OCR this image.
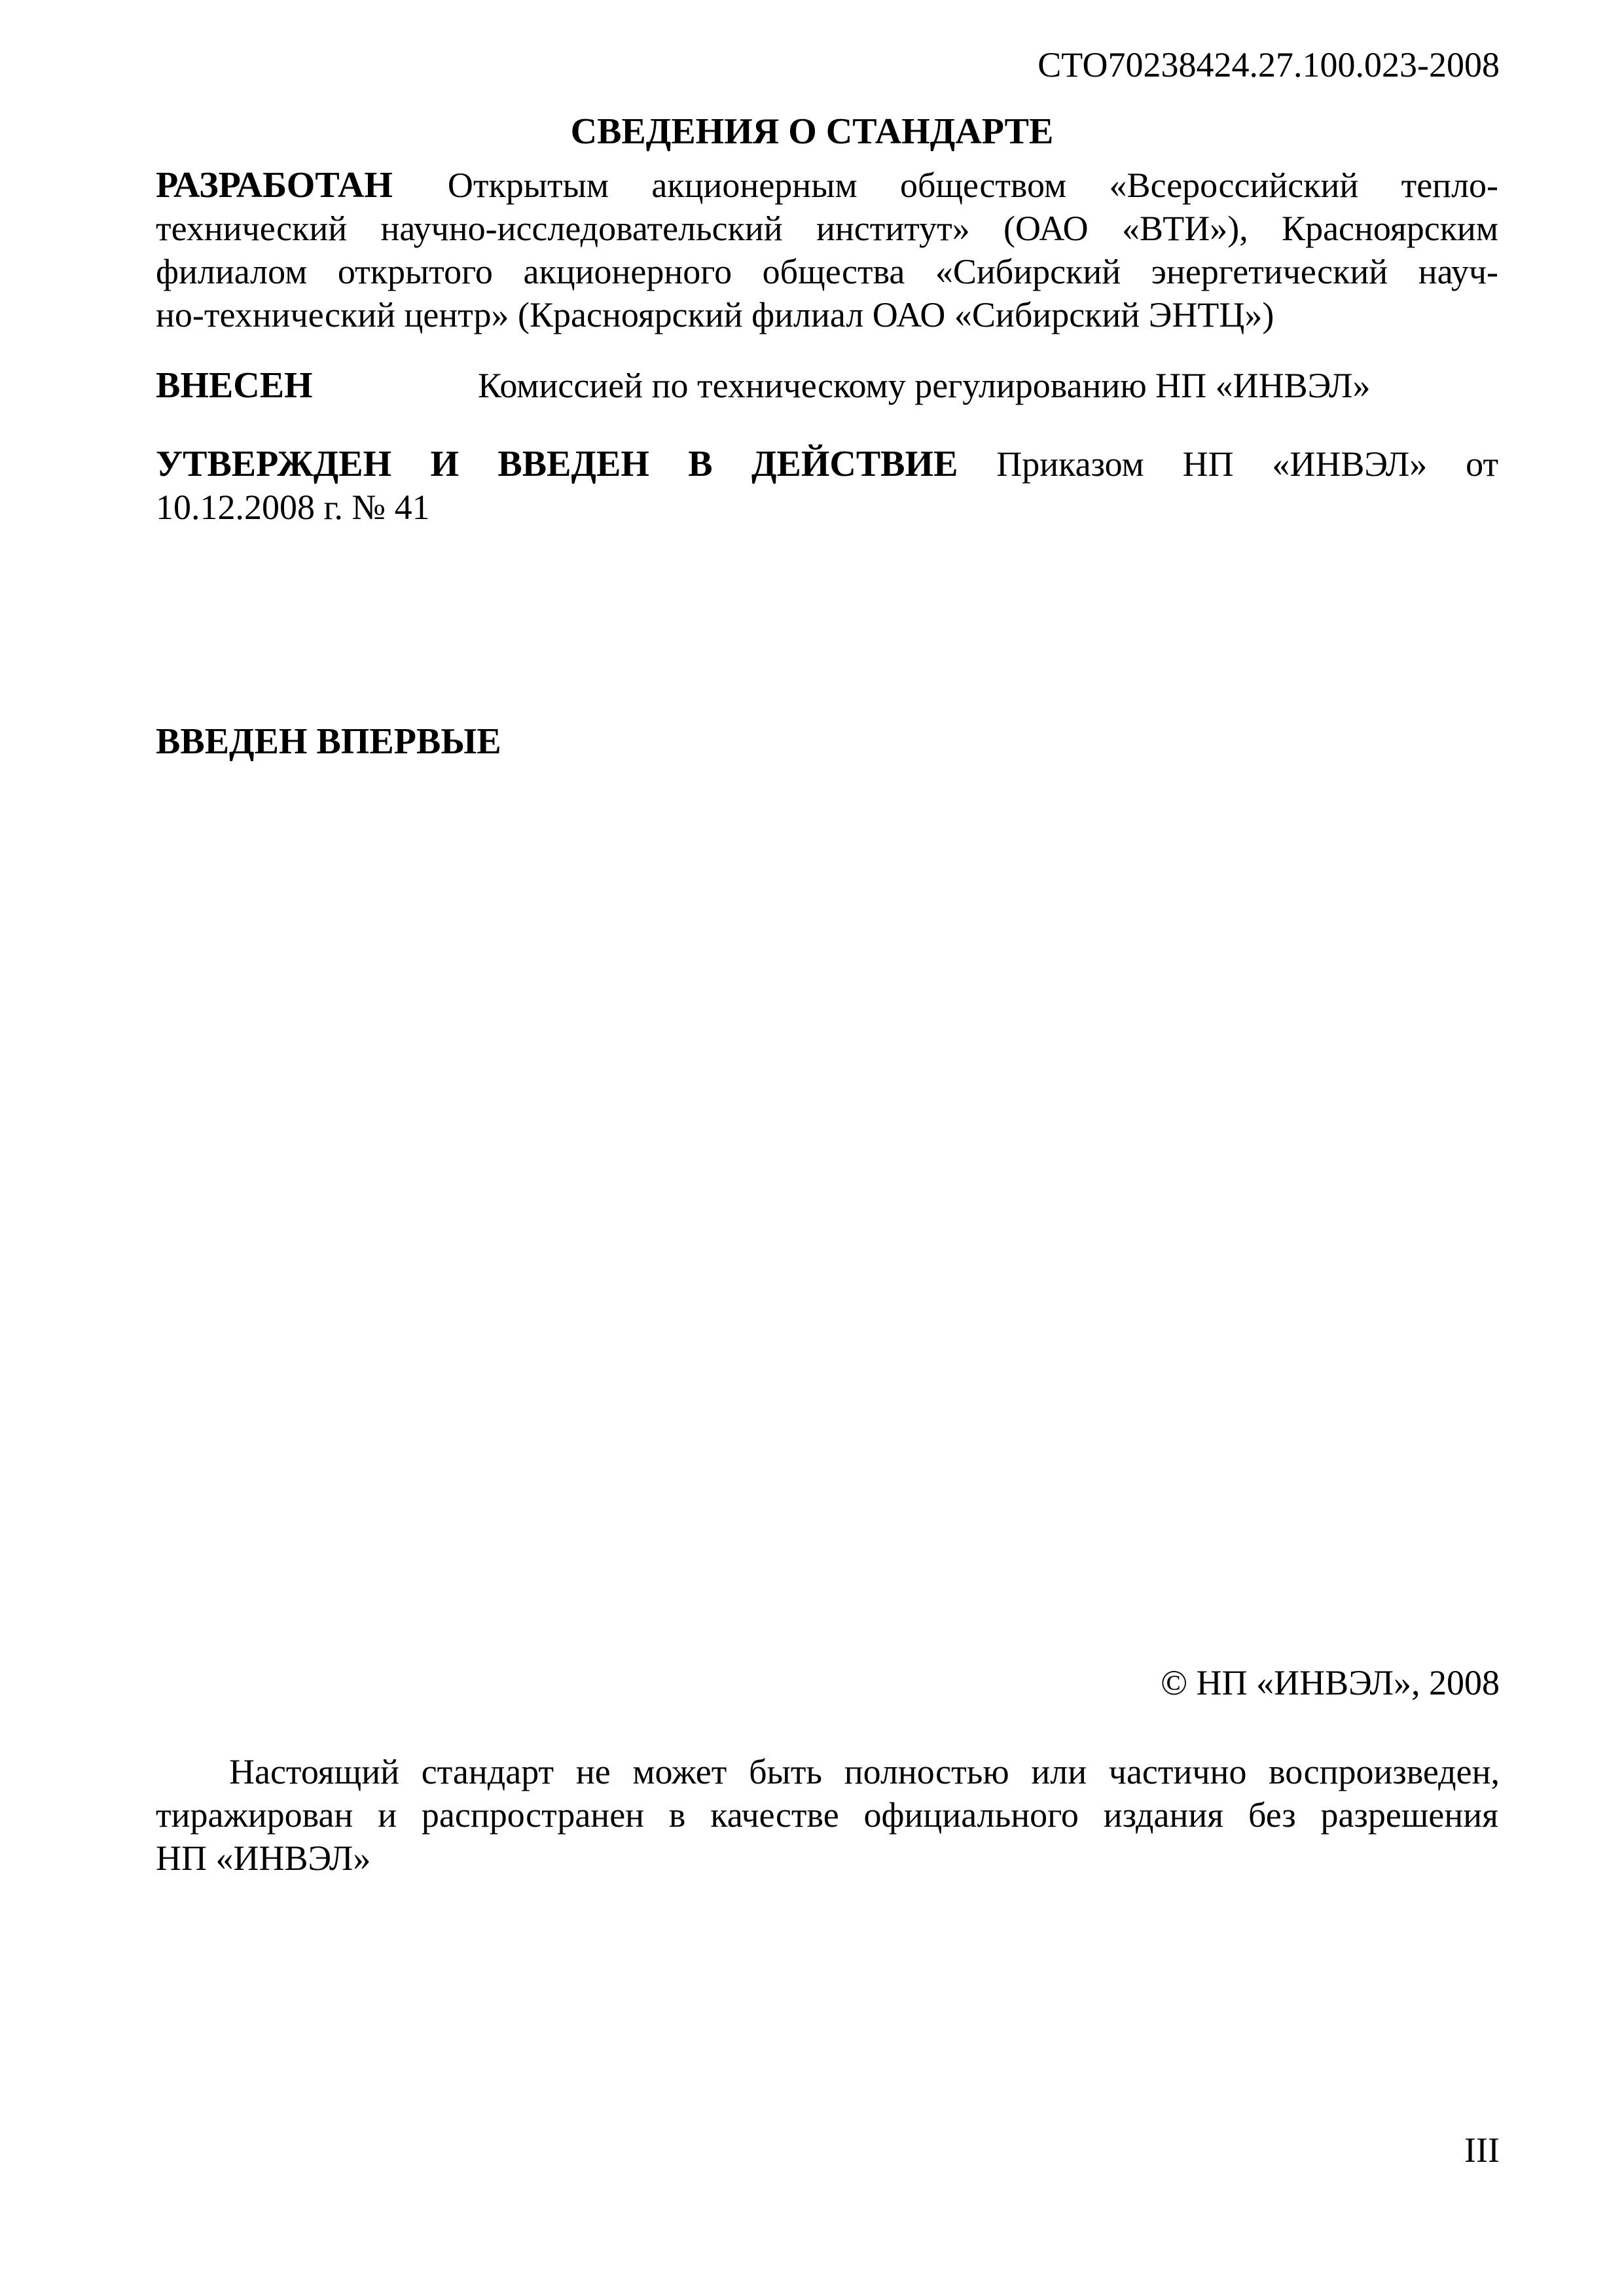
СТО70238424.27.100.023-2008
СВЕДЕНИЯ О СТАНДАРТЕ
РАЗРАБОТАН Открытым акционерным обществом «Всероссийский тепло-
технический научно-исследовательский институт» (ОАО «ВТИ»), Красноярским
филиалом открытого акционерного общества «Сибирский энергетический науч-
но-технический центр» (Красноярский филиал ОАО «Сибирский ЭНТЦ»)
ВНЕСЕН	Комиссией по техническому регулированию НП «ИНВЭЛ»
УТВЕРЖДЕН И ВВЕДЕН В ДЕЙСТВИЕ Приказом НП «ИНВЭЛ» от
10.12.2008 г. № 41
ВВЕДЕН ВПЕРВЫЕ
© НП «ИНВЭЛ», 2008
Настоящий стандарт не может быть полностью или частично воспроизведен,
тиражирован и распространен в качестве официального издания без разрешения
НП «ИНВЭЛ»
III
